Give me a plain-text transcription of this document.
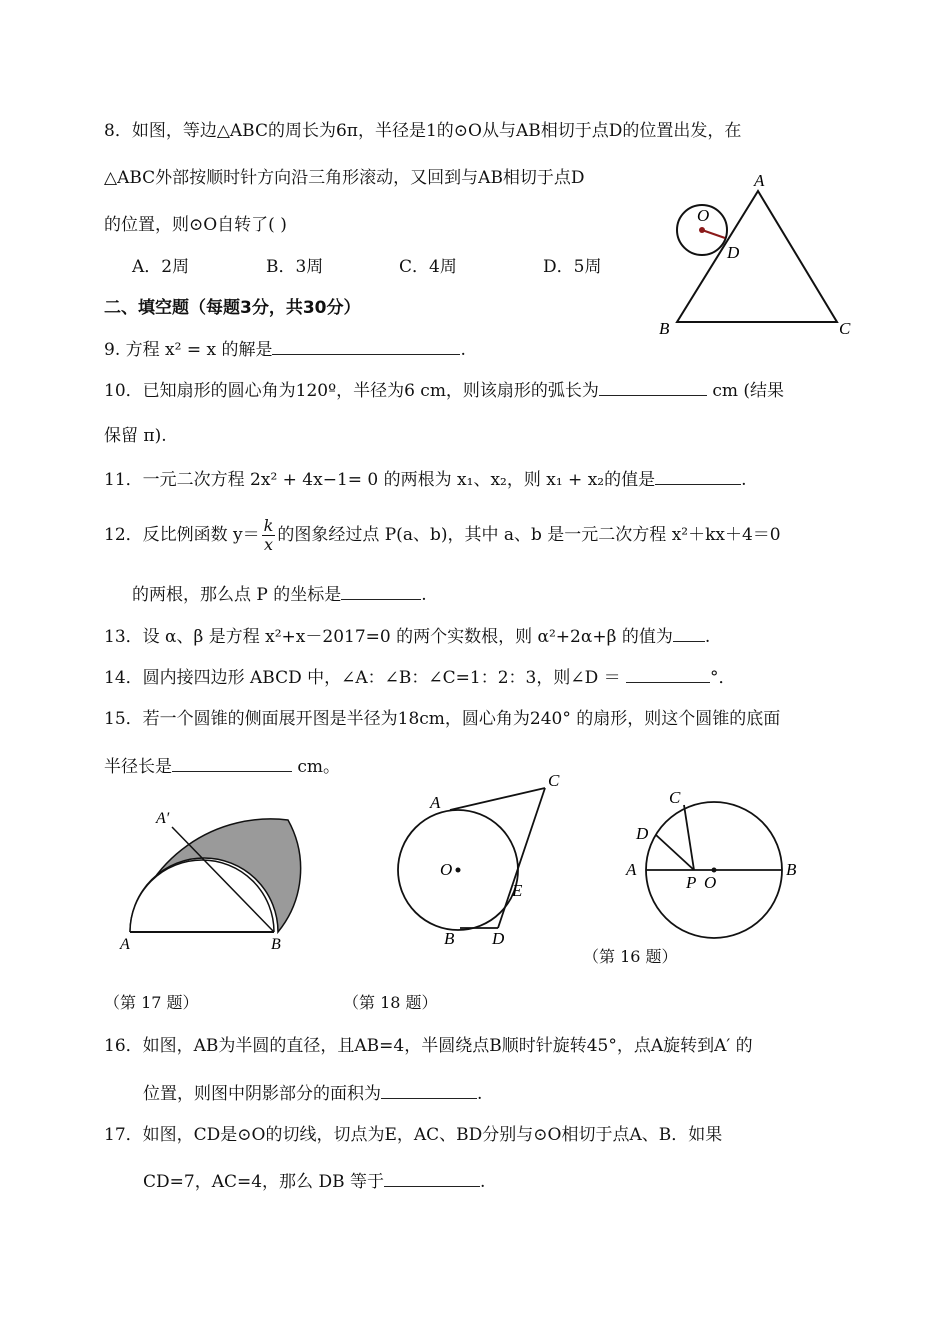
8．如图，等边△ABC的周长为6π，半径是1的⊙O从与AB相切于点D的位置出发，在
△ABC外部按顺时针方向沿三角形滚动，又回到与AB相切于点D
的位置，则⊙O自转了( )
A．2周	B．3周	C．4周	D．5周
A
O
D
B	C
二、填空题（每题3分，共30分）
9. 方程 x² = x 的解是	.
10．已知扇形的圆心角为120º，半径为6 cm，则该扇形的弧长为	cm (结果
保留 π).
11．一元二次方程 2x² + 4x−1= 0 的两根为 x₁、x₂，则 x₁ + x₂的值是	.
12．反比例函数 $y= \frac{k}{x}$ 的图象经过点 P(a、b)，其中 a、b 是一元二次方程 x²＋kx＋4＝0
的两根，那么点 P 的坐标是	.
13．设 α、β 是方程 x²+x－2017=0 的两个实数根，则 α²+2α+β 的值为 .
14．圆内接四边形 ABCD 中，∠A：∠B：∠C=1：2：3，则∠D ＝	°．
15．若一个圆锥的侧面展开图是半径为18cm，圆心角为240° 的扇形，则这个圆锥的底面
半径长是	cm。
A	B
A′
A
C
O
E
B D
C
D
A	B
P O
（第 16 题）
（第 17 题）	（第 18 题）
16．如图，AB为半圆的直径，且AB=4，半圆绕点B顺时针旋转45°，点A旋转到A′ 的
位置，则图中阴影部分的面积为	.
17．如图，CD是⊙O的切线，切点为E，AC、BD分别与⊙O相切于点A、B．如果
CD=7，AC=4，那么 DB 等于	.
